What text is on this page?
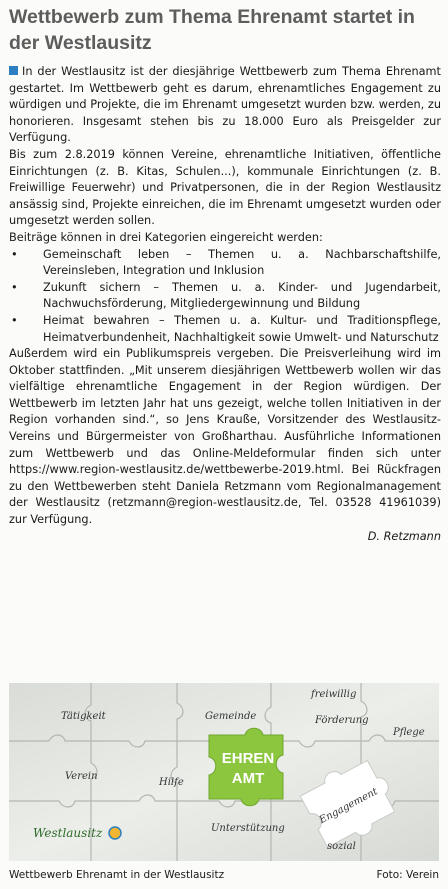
Wettbewerb zum Thema Ehrenamt startet in der Westlausitz

In der Westlausitz ist der diesjährige Wettbewerb zum Thema Ehrenamt gestartet. Im Wettbewerb geht es darum, ehrenamtliches Engagement zu würdigen und Projekte, die im Ehrenamt umgesetzt wurden bzw. werden, zu honorieren. Insgesamt stehen bis zu 18.000 Euro als Preisgelder zur Verfügung.

Bis zum 2.8.2019 können Vereine, ehrenamtliche Initiativen, öffentliche Einrichtungen (z. B. Kitas, Schulen...), kommunale Einrichtungen (z. B. Freiwillige Feuerwehr) und Privatpersonen, die in der Region Westlausitz ansässig sind, Projekte einreichen, die im Ehrenamt umgesetzt wurden oder umgesetzt werden sollen.

Beiträge können in drei Kategorien eingereicht werden:

• Gemeinschaft leben – Themen u. a. Nachbarschaftshilfe, Vereinsleben, Integration und Inklusion
• Zukunft sichern – Themen u. a. Kinder- und Jugendarbeit, Nachwuchsförderung, Mitgliedergewinnung und Bildung
• Heimat bewahren – Themen u. a. Kultur- und Traditionspflege, Heimatverbundenheit, Nachhaltigkeit sowie Umwelt- und Naturschutz

Außerdem wird ein Publikumspreis vergeben. Die Preisverleihung wird im Oktober stattfinden. „Mit unserem diesjährigen Wettbewerb wollen wir das vielfältige ehrenamtliche Engagement in der Region würdigen. Der Wettbewerb im letzten Jahr hat uns gezeigt, welche tollen Initiativen in der Region vorhanden sind.“, so Jens Kraußе, Vorsitzender des Westlausitz-Vereins und Bürgermeister von Großharthau. Ausführliche Informationen zum Wettbewerb und das Online-Meldeformular finden sich unter https://www.region-westlausitz.de/wettbewerbe-2019.html. Bei Rückfragen zu den Wettbewerben steht Daniela Retzmann vom Regionalmanagement der Westlausitz (retzmann@region-westlausitz.de, Tel. 03528 41961039) zur Verfügung.

D. Retzmann

EHREN
AMT
Engagement
Tätigkeit	Gemeinde
freiwillig
Förderung
Pflege
Verein
Hilfe
Unterstützung
sozial
Westlausitz
Wettbewerb Ehrenamt in der Westlausitz	Foto: Verein
